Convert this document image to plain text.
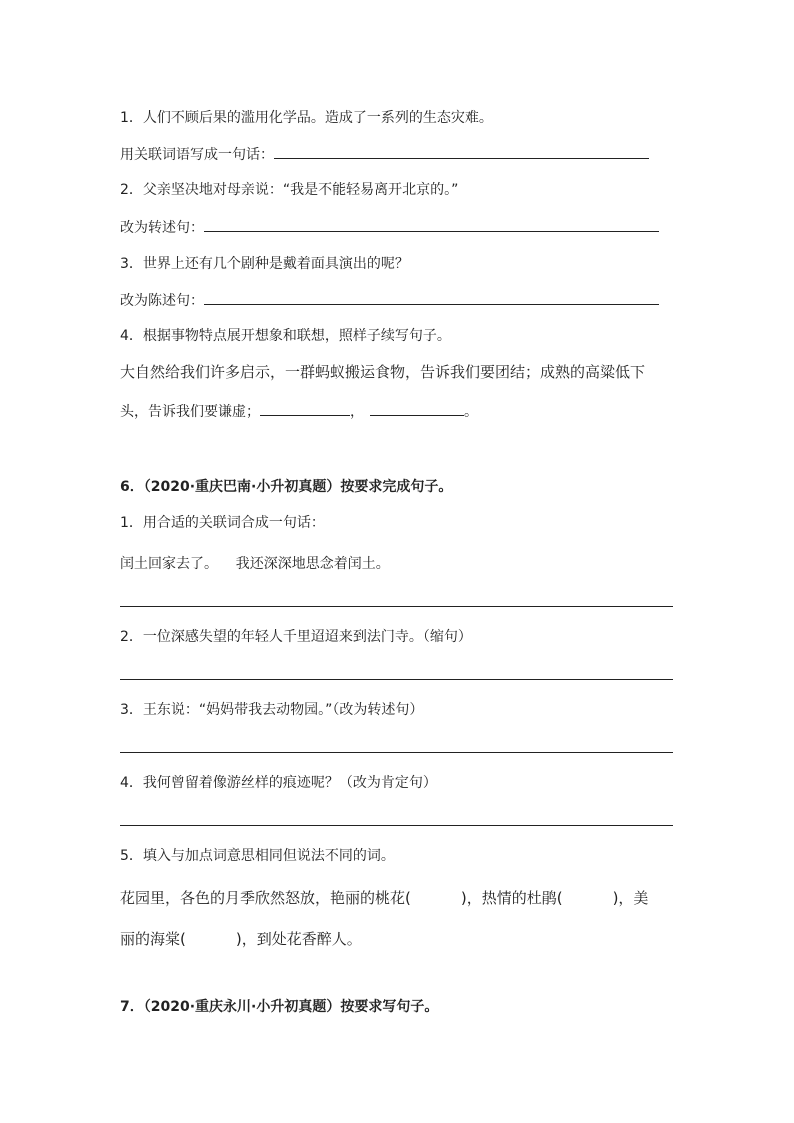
1．人们不顾后果的滥用化学品。造成了一系列的生态灾难。
用关联词语写成一句话：
2．父亲坚决地对母亲说：“我是不能轻易离开北京的。”
改为转述句：
3．世界上还有几个剧种是戴着面具演出的呢？
改为陈述句：
4．根据事物特点展开想象和联想，照样子续写句子。
大自然给我们许多启示，一群蚂蚁搬运食物，告诉我们要团结；成熟的高粱低下
头，告诉我们要谦虚；	，	。
6．（2020·重庆巴南·小升初真题）按要求完成句子。
1．用合适的关联词合成一句话：
闰土回家去了。    我还深深地思念着闰土。
2．一位深感失望的年轻人千里迢迢来到法门寺。（缩句）
3．王东说：“妈妈带我去动物园。”（改为转述句）
4．我何曾留着像游丝样的痕迹呢？（改为肯定句）
5．填入与加点词意思相同但说法不同的词。
花园里，各色的月季欣然怒放，艳丽的桃花(	)，热情的杜鹃(	)，美
丽的海棠(	)，到处花香醉人。
7．（2020·重庆永川·小升初真题）按要求写句子。
